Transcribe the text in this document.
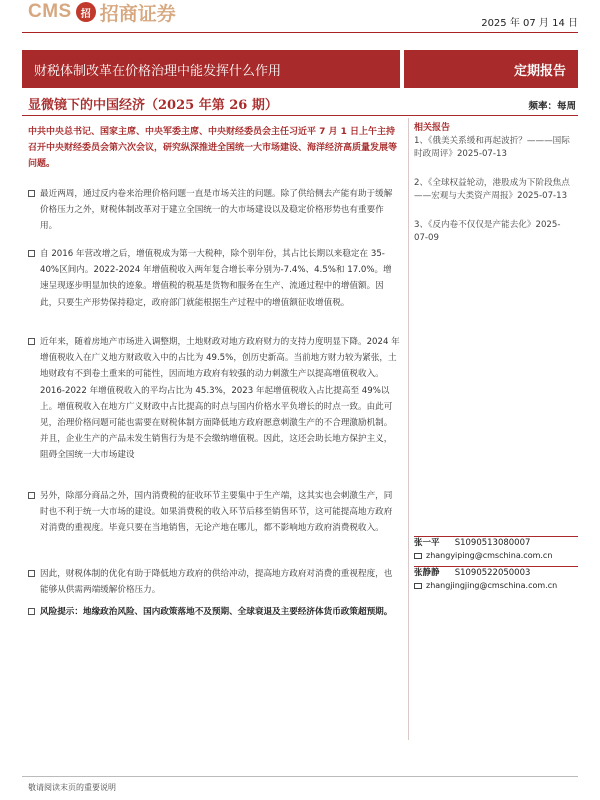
CMS 招 招商证券	2025 年 07 月 14 日
财税体制改革在价格治理中能发挥什么作用	定期报告
显微镜下的中国经济（2025 年第 26 期）	频率：每周
中共中央总书记、国家主席、中央军委主席、中央财经委员会主任习近平 7 月 1 日上午主持召开中央财经委员会第六次会议，研究纵深推进全国统一大市场建设、海洋经济高质量发展等问题。
最近两周，通过反内卷来治理价格问题一直是市场关注的问题。除了供给侧去产能有助于缓解价格压力之外，财税体制改革对于建立全国统一的大市场建设以及稳定价格形势也有重要作用。
自 2016 年营改增之后，增值税成为第一大税种，除个别年份，其占比长期以来稳定在 35-40%区间内。2022-2024 年增值税收入两年复合增长率分别为-7.4%、4.5%和 17.0%。增速呈现逐步明显加快的迹象。增值税的税基是货物和服务在生产、流通过程中的增值额。因此，只要生产形势保持稳定，政府部门就能根据生产过程中的增值额征收增值税。
近年来，随着房地产市场进入调整期，土地财政对地方政府财力的支持力度明显下降。2024 年增值税收入在广义地方财政收入中的占比为 49.5%，创历史新高。当前地方财力较为紧张，土地财政有不到卷土重来的可能性，因而地方政府有较强的动力刺激生产以提高增值税收入。2016-2022 年增值税收入的平均占比为 45.3%，2023 年起增值税收入占比提高至 49%以上。增值税收入在地方广义财政中占比提高的时点与国内价格水平负增长的时点一致。由此可见，治理价格问题可能也需要在财税体制方面降低地方政府愿意刺激生产的不合理激励机制。并且，企业生产的产品未发生销售行为是不会缴纳增值税。因此，这还会助长地方保护主义，阻碍全国统一大市场建设
另外，除部分商品之外，国内消费税的征收环节主要集中于生产端，这其实也会刺激生产，同时也不利于统一大市场的建设。如果消费税的收入环节后移至销售环节，这可能提高地方政府对消费的重视度。毕竟只要在当地销售，无论产地在哪儿，都不影响地方政府消费税收入。
因此，财税体制的优化有助于降低地方政府的供给冲动，提高地方政府对消费的重视程度，也能够从供需两端缓解价格压力。
风险提示：地缘政治风险、国内政策落地不及预期、全球衰退及主要经济体货币政策超预期。
相关报告
1、《俄美关系缓和再起波折？———国际时政周评》2025-07-13
2、《全球权益轮动，港股成为下阶段焦点——宏观与大类资产周报》2025-07-13
3、《反内卷不仅仅是产能去化》2025-07-09
张一平 S1090513080007
zhangyiping@cmschina.com.cn
张静静 S1090522050003
zhangjingjing@cmschina.com.cn
敬请阅读末页的重要说明
